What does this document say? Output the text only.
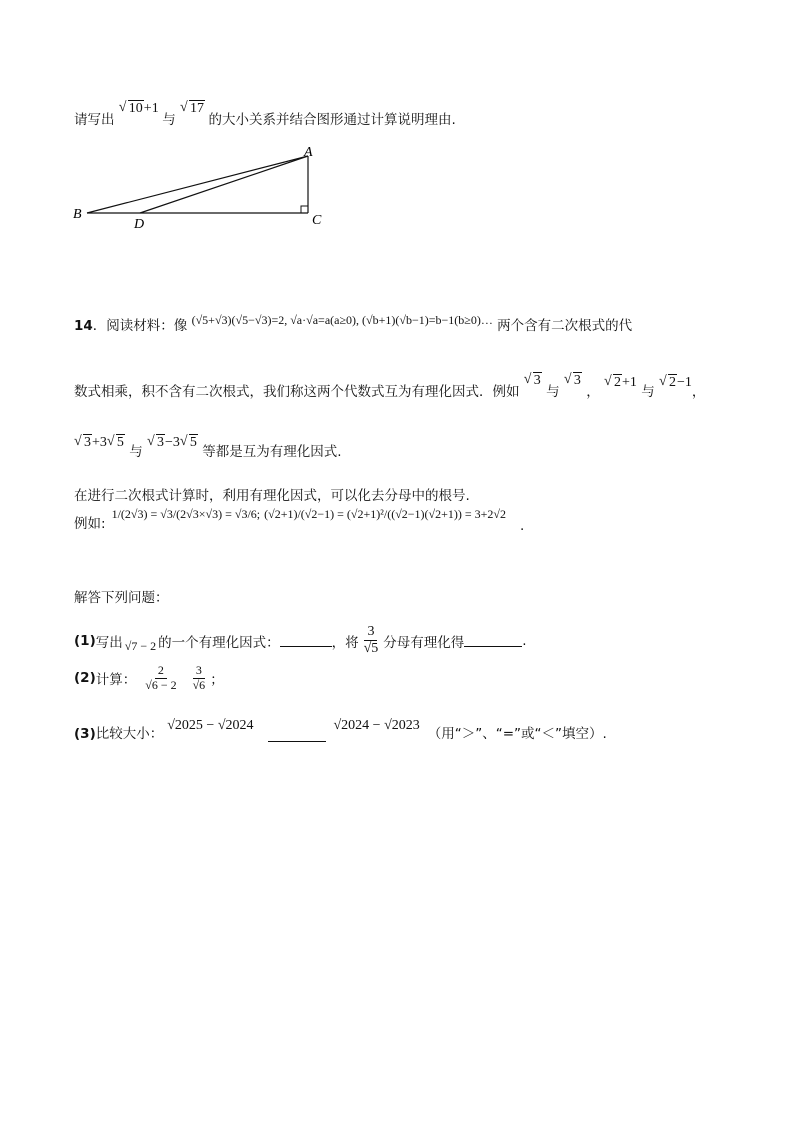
请写出 √ 10+1 与 √ 17 的大小关系并结合图形通过计算说明理由.
A
B	C
D
14．阅读材料：像 (√5+√3)(√5−√3)=2, √a·√a=a(a≥0), (√b+1)(√b−1)=b−1(b≥0)… 两个含有二次根式的代
数式相乘，积不含有二次根式，我们称这两个代数式互为有理化因式．例如 √ 3 与 √ 3 ， √ 2+1 与 √ 2−1，
√ 3+3 √ 5 与 √ 3−3 √ 5 等都是互为有理化因式.
在进行二次根式计算时，利用有理化因式，可以化去分母中的根号.
例如:
1/(2√3) = √3/(2√3×√3) = √3/6 ; (√2+1)/(√2−1) = (√2+1)²/((√2−1)(√2+1)) = 3+2√2
.
解答下列问题：
(1) 写出 √7 − 2 的一个有理化因式：	，将 $\frac{3}{√5}$ 分母有理化得	.
(2) 计算： $\frac{2}{√6 - 2} \frac{3}{√6}$ ；
(3) 比较大小：
√2025 − √2024	√2024 − √2023
（用“＞”、“=”或“＜”填空）.
